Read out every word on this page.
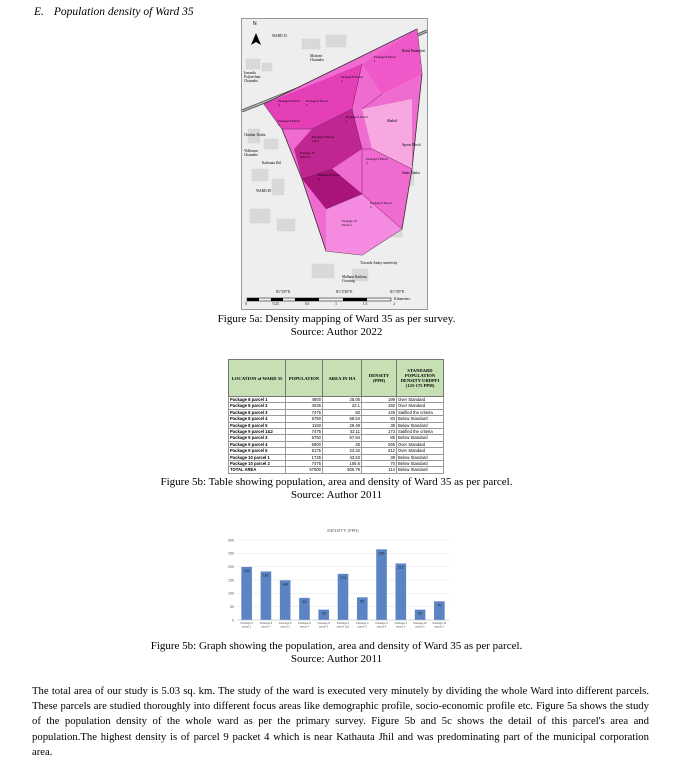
E. Population density of Ward 35
N
WARD 33
Matiyari Chauraha
Izwarda Polytechnic Chauraha
Rohit Paramjeet
Chinhat Tiraha
Vidhavan Chauraha
Kathauta Jhil
WARD 49
Sports Block
Shahid
Saras Vatika
Towards Amity university
Malhaur Railway Crossing
81°2'0"E	81°2'30"E	81°3'0"E
Kilometers
0	0.25	0.5	1	1.5	2
Package 8 Parcel 1
Package 8 Parcel 2
Package 8 Parcel 3
Package 8 Parcel 4
Package 8 Parcel 5
Package 9 Parcel 1
Package 9 Parcel 1 & 2
Package 9 Parcel 3
Package 9 Parcel 4
Package 9 Parcel 5
Package 10 Parcel 1
Package 10 Parcel 2
Figure 5a: Density mapping of Ward 35 as per survey.
Source: Author 2022
LOCATION of WARD 35	POPULATION	AREA IN HA	DENSITY (PPH)	STANDARD POPULATION DENSITY URDPFI (125-175 PPH)
Package 8 parcel 1	4800	25.06	199	Over Standard
Package 8 parcel 2	4025	22.1	182	Over Standard
Package 8 parcel 3	7475	50	149	Satified the criteria
Package 8 parcel 4	5750	68.54	83	Below Standard
Package 8 parcel 5	1150	29.49	39	Below Standard
Package 9 parcel 1&2	7475	43.11	173	Satified the criteria
Package 9 parcel 3	5750	67.84	85	Below Standard
Package 9 parcel 4	6900	26	265	Over Standard
Package 9 parcel 5	5175	24.32	212	Over Standard
Package 10 parcel 1	1725	43.53	39	Below Standard
Package 10 parcel 2	7475	106.6	70	Below Standard
TOTAL AREA	57500	505.79	114	Below Standard
Figure 5b: Table showing population, area and density of Ward 35 as per parcel.
Source: Author 2011
DENSITY (PPH)
0
50
100
150
200
250
300
199
Package 8
parcel 1
182
Package 8
parcel 2
149
Package 8
parcel 3
83
Package 8
parcel 4
39
Package 8
parcel 5
173
Package 9
parcel 1&2
85
Package 9
parcel 3
265
Package 9
parcel 4
212
Package 9
parcel 5
39
Package 10
parcel 1
70
Package 10
parcel 2
Figure 5b: Graph showing the population, area and density of Ward 35 as per parcel.
Source: Author 2011
The total area of our study is 5.03 sq. km. The study of the ward is executed very minutely by dividing the whole Ward into different parcels. These parcels are studied thoroughly into different focus areas like demographic profile, socio-economic profile etc. Figure 5a shows the study of the population density of the whole ward as per the primary survey. Figure 5b and 5c shows the detail of this parcel's area and population.The highest density is of parcel 9 packet 4 which is near Kathauta Jhil and was predominating part of the municipal corporation area.
